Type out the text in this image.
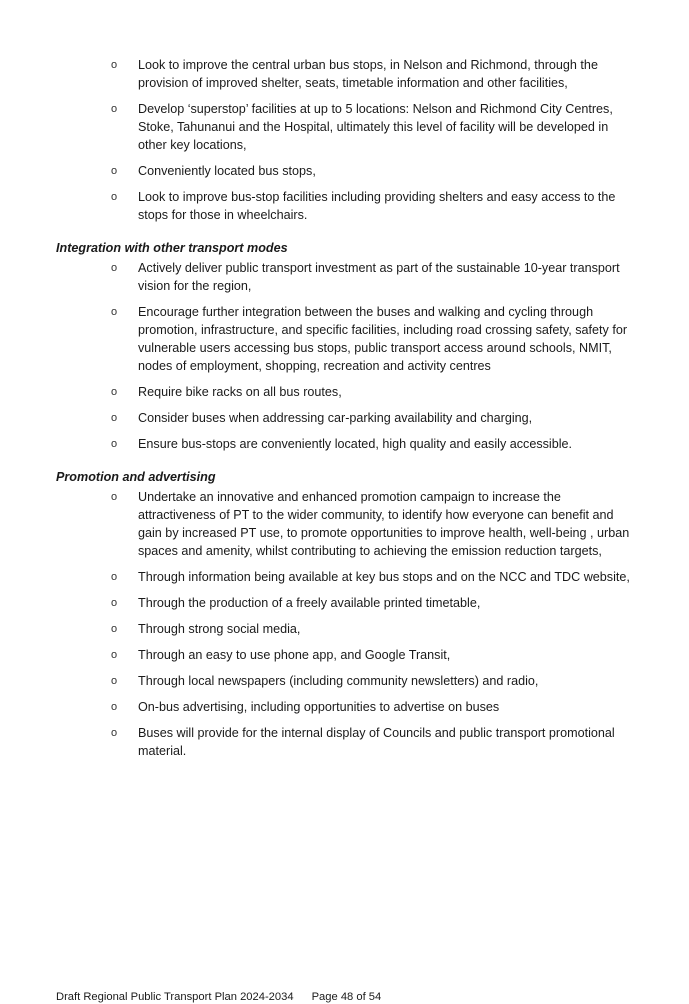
o Look to improve the central urban bus stops, in Nelson and Richmond, through the provision of improved shelter, seats, timetable information and other facilities,
o Develop ‘superstop’ facilities at up to 5 locations: Nelson and Richmond City Centres, Stoke, Tahunanui and the Hospital, ultimately this level of facility will be developed in other key locations,
o Conveniently located bus stops,
o Look to improve bus-stop facilities including providing shelters and easy access to the stops for those in wheelchairs.
Integration with other transport modes
o Actively deliver public transport investment as part of the sustainable 10-year transport vision for the region,
o Encourage further integration between the buses and walking and cycling through promotion, infrastructure, and specific facilities, including road crossing safety, safety for vulnerable users accessing bus stops, public transport access around schools, NMIT, nodes of employment, shopping, recreation and activity centres
o Require bike racks on all bus routes,
o Consider buses when addressing car-parking availability and charging,
o Ensure bus-stops are conveniently located, high quality and easily accessible.
Promotion and advertising
o Undertake an innovative and enhanced promotion campaign to increase the attractiveness of PT to the wider community, to identify how everyone can benefit and gain by increased PT use, to promote opportunities to improve health, well-being , urban spaces and amenity, whilst contributing to achieving the emission reduction targets,
o Through information being available at key bus stops and on the NCC and TDC website,
o Through the production of a freely available printed timetable,
o Through strong social media,
o Through an easy to use phone app, and Google Transit,
o Through local newspapers (including community newsletters) and radio,
o On-bus advertising, including opportunities to advertise on buses
o Buses will provide for the internal display of Councils and public transport promotional material.
Draft Regional Public Transport Plan 2024-2034 Page 48 of 54
